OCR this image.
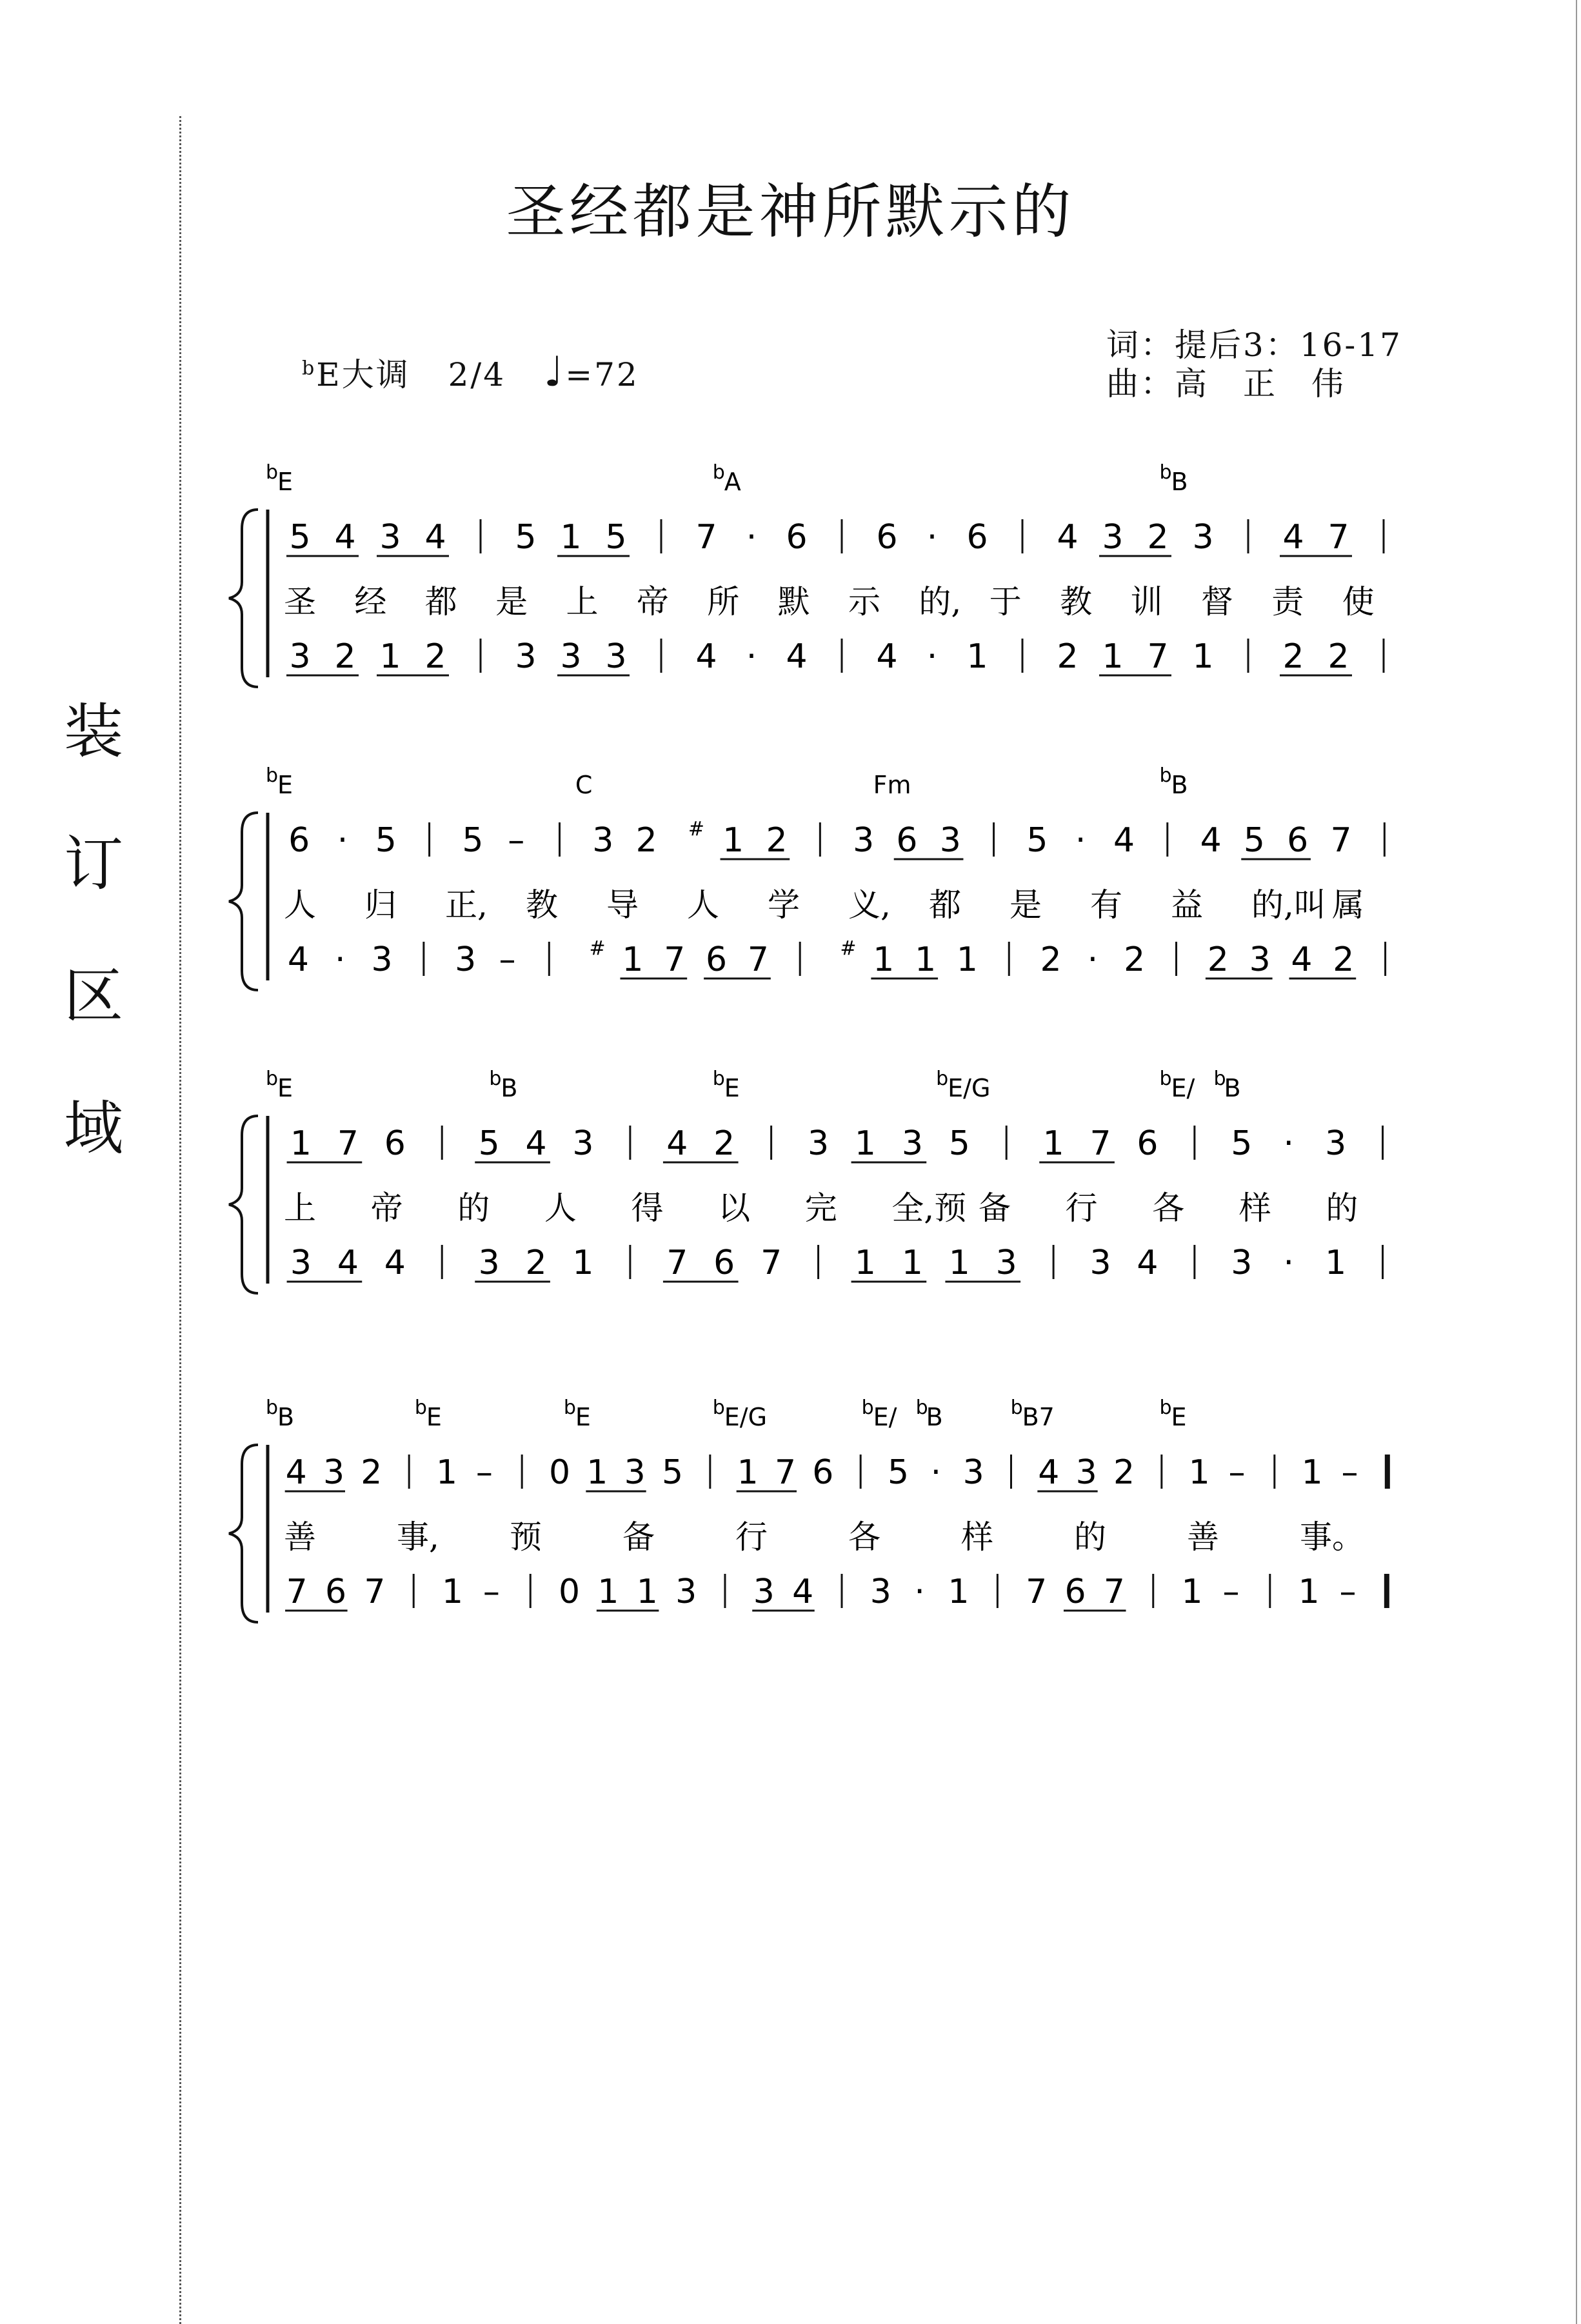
装
订
区
域
圣经都是神所默示的
$^b$E大调 2/4 ♩=72
词：提后3：16-17
曲：高　正　伟
b
E	b
A	b
B
5 4 3 4 5 1 5 7 · 6 6 · 6 4 3 2 3 4 7
3 2 1 2 3 3 3 4 · 4 4 · 1 2 1 7 1 2 2
圣 经 都 是 上 帝 所 默 示 的, 于 教 训 督 责 使
b
E	C	Fm	b
B
6 · 5 5 – 3 2 # 1 2 3 6 3 5 · 4 4 5 6 7
4 · 3 3 –	# 1 7 6 7	# 1 1 1 2 · 2 2 3 4 2
人 归 正, 教 导 人 学 义, 都 是 有 益 的,叫 属
b
E	b
B	b
E	b
E/G	b
E/ b
B
1 7 6 5 4 3 4 2 3 1 3 5 1 7 6 5 · 3
3 4 4 3 2 1 7 6 7 1 1 1 3 3 4 3 · 1
上 帝 的 人 得 以 完 全,预 备 行 各 样 的
b
B	b
E	b
E	b
E/G	b
E/ b
B	b
B7	b
E
4 3 2 1 – 0 1 3 5 1 7 6 5 · 3 4 3 2 1 – 1 –
7 6 7 1 – 0 1 1 3 3 4 3 · 1 7 6 7 1 – 1 –
善	事, 预	备	行	各	样	的	善	事。
